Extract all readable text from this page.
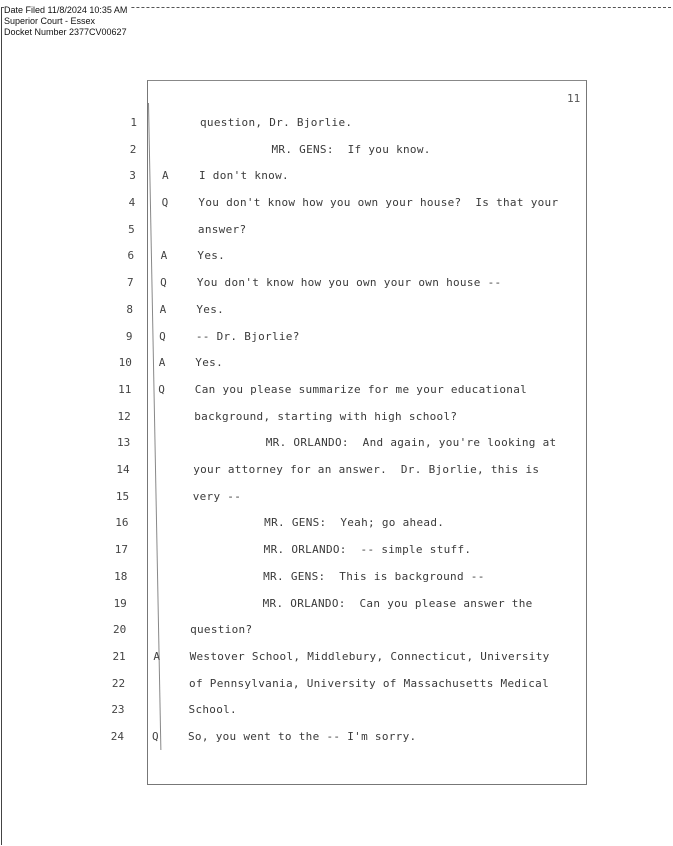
Date Filed 11/8/2024 10:35 AM
Superior Court - Essex
Docket Number 2377CV00627
11
1	question, Dr. Bjorlie.
2	MR. GENS:  If you know.
3 A	I don't know.
4 Q	You don't know how you own your house?  Is that your
5	answer?
6 A	Yes.
7 Q	You don't know how you own your own house --
8 A	Yes.
9 Q	-- Dr. Bjorlie?
10 A	Yes.
11 Q	Can you please summarize for me your educational
12	background, starting with high school?
13	MR. ORLANDO:  And again, you're looking at
14	your attorney for an answer.  Dr. Bjorlie, this is
15	very --
16	MR. GENS:  Yeah; go ahead.
17	MR. ORLANDO:  -- simple stuff.
18	MR. GENS:  This is background --
19	MR. ORLANDO:  Can you please answer the
20	question?
21	A	Westover School, Middlebury, Connecticut, University
22	of Pennsylvania, University of Massachusetts Medical
23	School.
24	Q	So, you went to the -- I'm sorry.
